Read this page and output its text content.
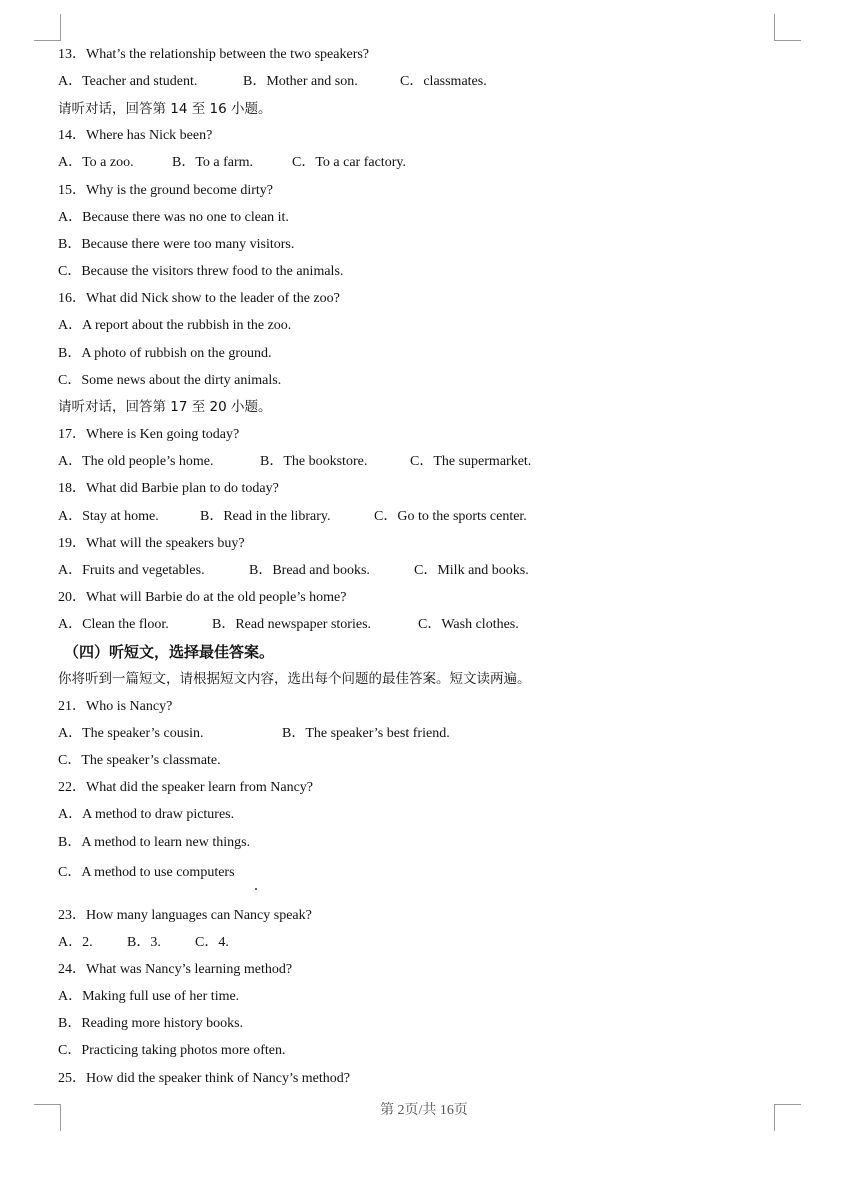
13．What’s the relationship between the two speakers?
A．Teacher and student.	B．Mother and son.	C．classmates.
请听对话，回答第 14 至 16 小题。
14．Where has Nick been?
A．To a zoo.	B．To a farm.	C．To a car factory.
15．Why is the ground become dirty?
A．Because there was no one to clean it.
B．Because there were too many visitors.
C．Because the visitors threw food to the animals.
16．What did Nick show to the leader of the zoo?
A．A report about the rubbish in the zoo.
B．A photo of rubbish on the ground.
C．Some news about the dirty animals.
请听对话，回答第 17 至 20 小题。
17．Where is Ken going today?
A．The old people’s home.	B．The bookstore.	C．The supermarket.
18．What did Barbie plan to do today?
A．Stay at home.	B．Read in the library.	C．Go to the sports center.
19．What will the speakers buy?
A．Fruits and vegetables.	B．Bread and books.	C．Milk and books.
20．What will Barbie do at the old people’s home?
A．Clean the floor.	B．Read newspaper stories.	C．Wash clothes.
（四）听短文，选择最佳答案。
你将听到一篇短文，请根据短文内容，选出每个问题的最佳答案。短文读两遍。
21．Who is Nancy?
A．The speaker’s cousin.	B．The speaker’s best friend.
C．The speaker’s classmate.
22．What did the speaker learn from Nancy?
A．A method to draw pictures.
B．A method to learn new things.
C．A method to use computers
23．How many languages can Nancy speak?
A．2. B．3. C．4.
24．What was Nancy’s learning method?
A．Making full use of her time.
B．Reading more history books.
C．Practicing taking photos more often.
25．How did the speaker think of Nancy’s method?
第 2页/共 16页
